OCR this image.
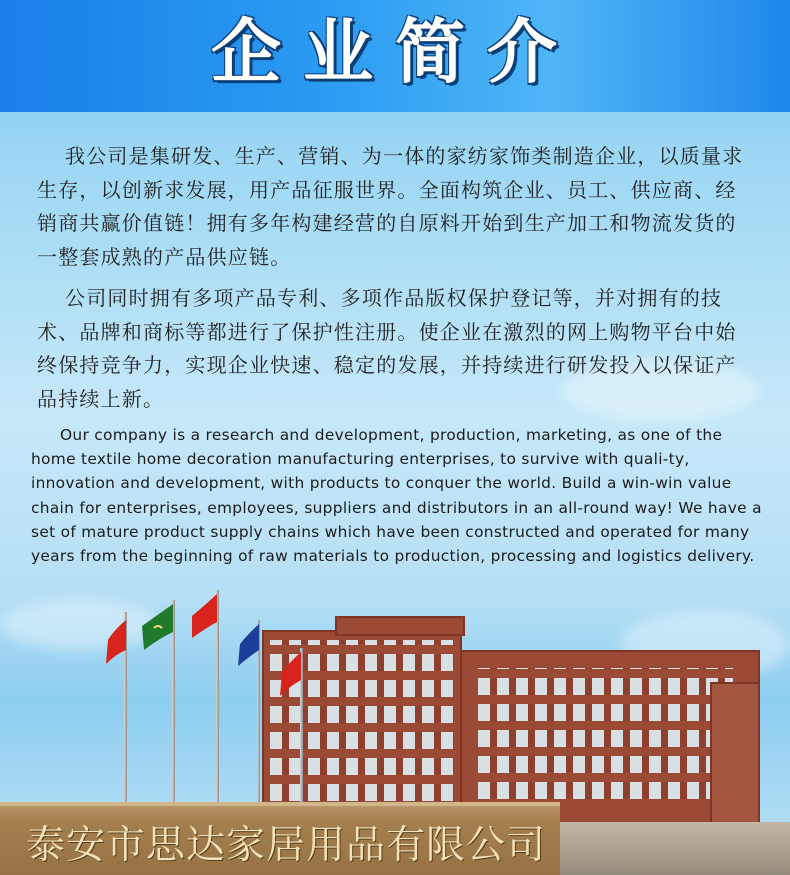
企业简介

我公司是集研发、生产、营销、为一体的家纺家饰类制造企业，以质量求生存，以创新求发展，用产品征服世界。全面构筑企业、员工、供应商、经销商共赢价值链！拥有多年构建经营的自原料开始到生产加工和物流发货的一整套成熟的产品供应链。

公司同时拥有多项产品专利、多项作品版权保护登记等，并对拥有的技术、品牌和商标等都进行了保护性注册。使企业在激烈的网上购物平台中始终保持竞争力，实现企业快速、稳定的发展，并持续进行研发投入以保证产品持续上新。

Our company is a research and development, production, marketing, as one of the home textile home decoration manufacturing enterprises, to survive with quali-ty, innovation and development, with products to conquer the world. Build a win-win value chain for enterprises, employees, suppliers and distributors in an all-round way! We have a set of mature product supply chains which have been constructed and operated for many years from the beginning of raw materials to production, processing and logistics delivery.

泰安市思达家居用品有限公司
